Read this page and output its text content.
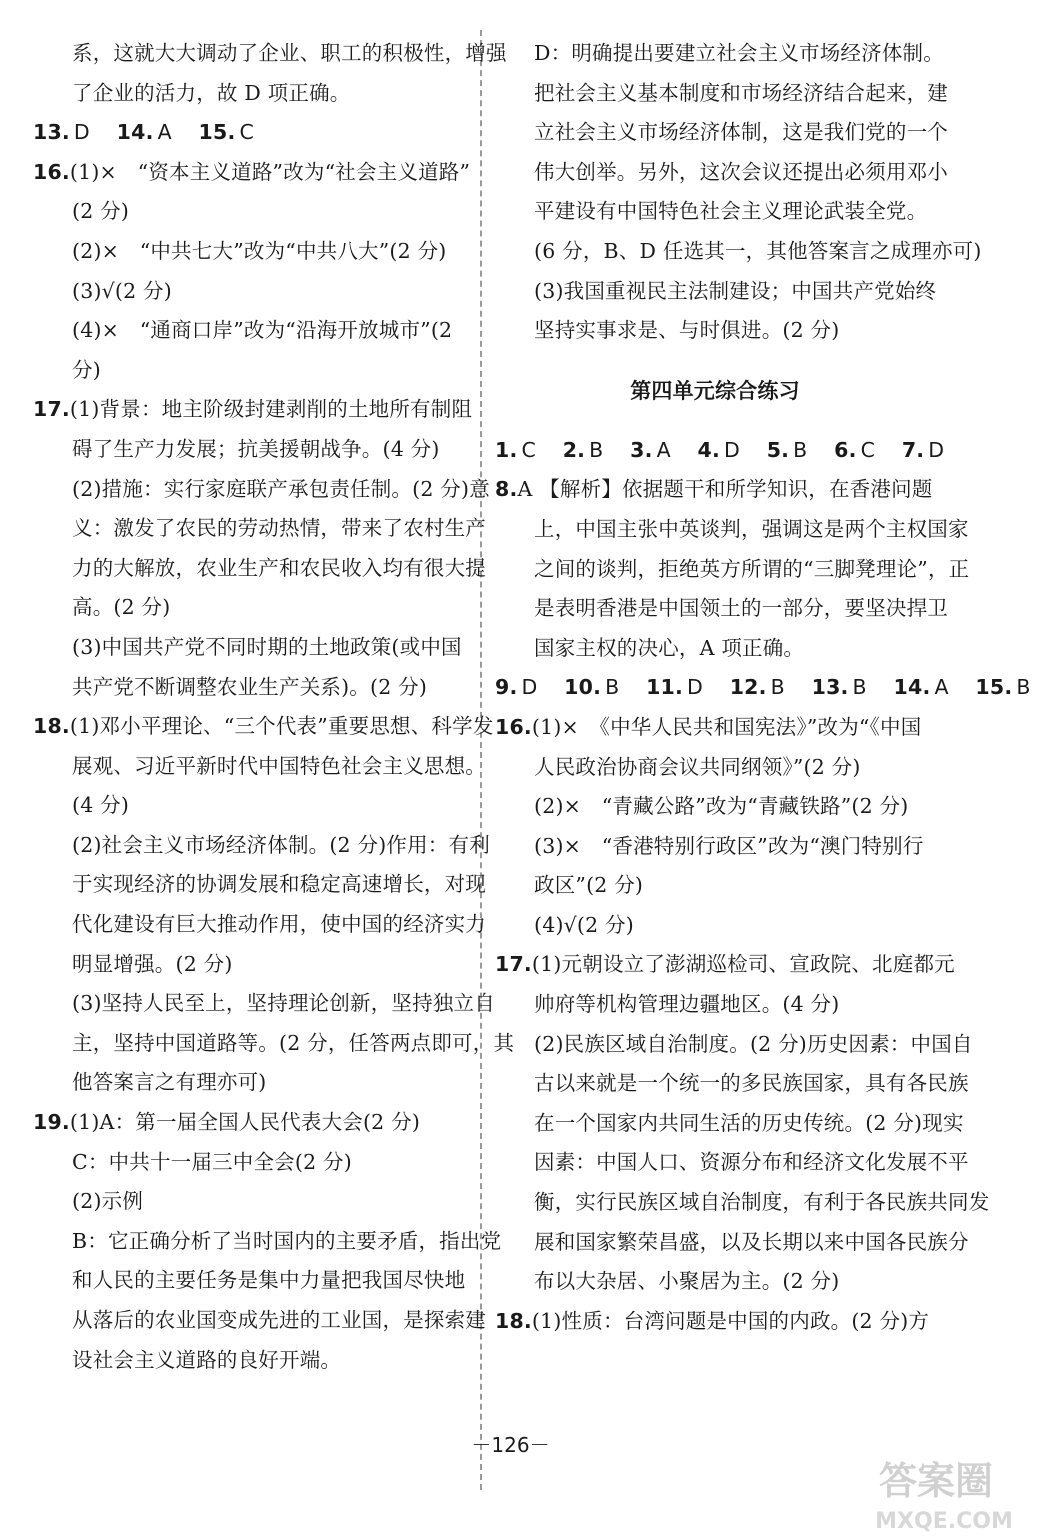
系，这就大大调动了企业、职工的积极性，增强
了企业的活力，故 D 项正确。
13. D 14. A 15. C
16.(1)×　“资本主义道路”改为“社会主义道路”
(2 分)
(2)×　“中共七大”改为“中共八大”(2 分)
(3)√(2 分)
(4)×　“通商口岸”改为“沿海开放城市”(2
分)
17.(1)背景：地主阶级封建剥削的土地所有制阻
碍了生产力发展；抗美援朝战争。(4 分)
(2)措施：实行家庭联产承包责任制。(2 分)意
义：激发了农民的劳动热情，带来了农村生产
力的大解放，农业生产和农民收入均有很大提
高。(2 分)
(3)中国共产党不同时期的土地政策(或中国
共产党不断调整农业生产关系)。(2 分)
18.(1)邓小平理论、“三个代表”重要思想、科学发
展观、习近平新时代中国特色社会主义思想。
(4 分)
(2)社会主义市场经济体制。(2 分)作用：有利
于实现经济的协调发展和稳定高速增长，对现
代化建设有巨大推动作用，使中国的经济实力
明显增强。(2 分)
(3)坚持人民至上，坚持理论创新，坚持独立自
主，坚持中国道路等。(2 分，任答两点即可，其
他答案言之有理亦可)
19.(1)A：第一届全国人民代表大会(2 分)
C：中共十一届三中全会(2 分)
(2)示例
B：它正确分析了当时国内的主要矛盾，指出党
和人民的主要任务是集中力量把我国尽快地
从落后的农业国变成先进的工业国，是探索建
设社会主义道路的良好开端。
D：明确提出要建立社会主义市场经济体制。
把社会主义基本制度和市场经济结合起来，建
立社会主义市场经济体制，这是我们党的一个
伟大创举。另外，这次会议还提出必须用邓小
平建设有中国特色社会主义理论武装全党。
(6 分，B、D 任选其一，其他答案言之成理亦可)
(3)我国重视民主法制建设；中国共产党始终
坚持实事求是、与时俱进。(2 分)
第四单元综合练习
1. C 2. B 3. A 4. D 5. B 6. C 7. D
8.A 【解析】依据题干和所学知识，在香港问题
上，中国主张中英谈判，强调这是两个主权国家
之间的谈判，拒绝英方所谓的“三脚凳理论”，正
是表明香港是中国领土的一部分，要坚决捍卫
国家主权的决心，A 项正确。
9. D 10. B 11. D 12. B 13. B 14. A 15. B
16.(1)×　《中华人民共和国宪法》”改为“《中国
人民政治协商会议共同纲领》”(2 分)
(2)×　“青藏公路”改为“青藏铁路”(2 分)
(3)×　“香港特别行政区”改为“澳门特别行
政区”(2 分)
(4)√(2 分)
17.(1)元朝设立了澎湖巡检司、宣政院、北庭都元
帅府等机构管理边疆地区。(4 分)
(2)民族区域自治制度。(2 分)历史因素：中国自
古以来就是一个统一的多民族国家，具有各民族
在一个国家内共同生活的历史传统。(2 分)现实
因素：中国人口、资源分布和经济文化发展不平
衡，实行民族区域自治制度，有利于各民族共同发
展和国家繁荣昌盛，以及长期以来中国各民族分
布以大杂居、小聚居为主。(2 分)
18.(1)性质：台湾问题是中国的内政。(2 分)方
－126－
答案圈
MXQE.COM
